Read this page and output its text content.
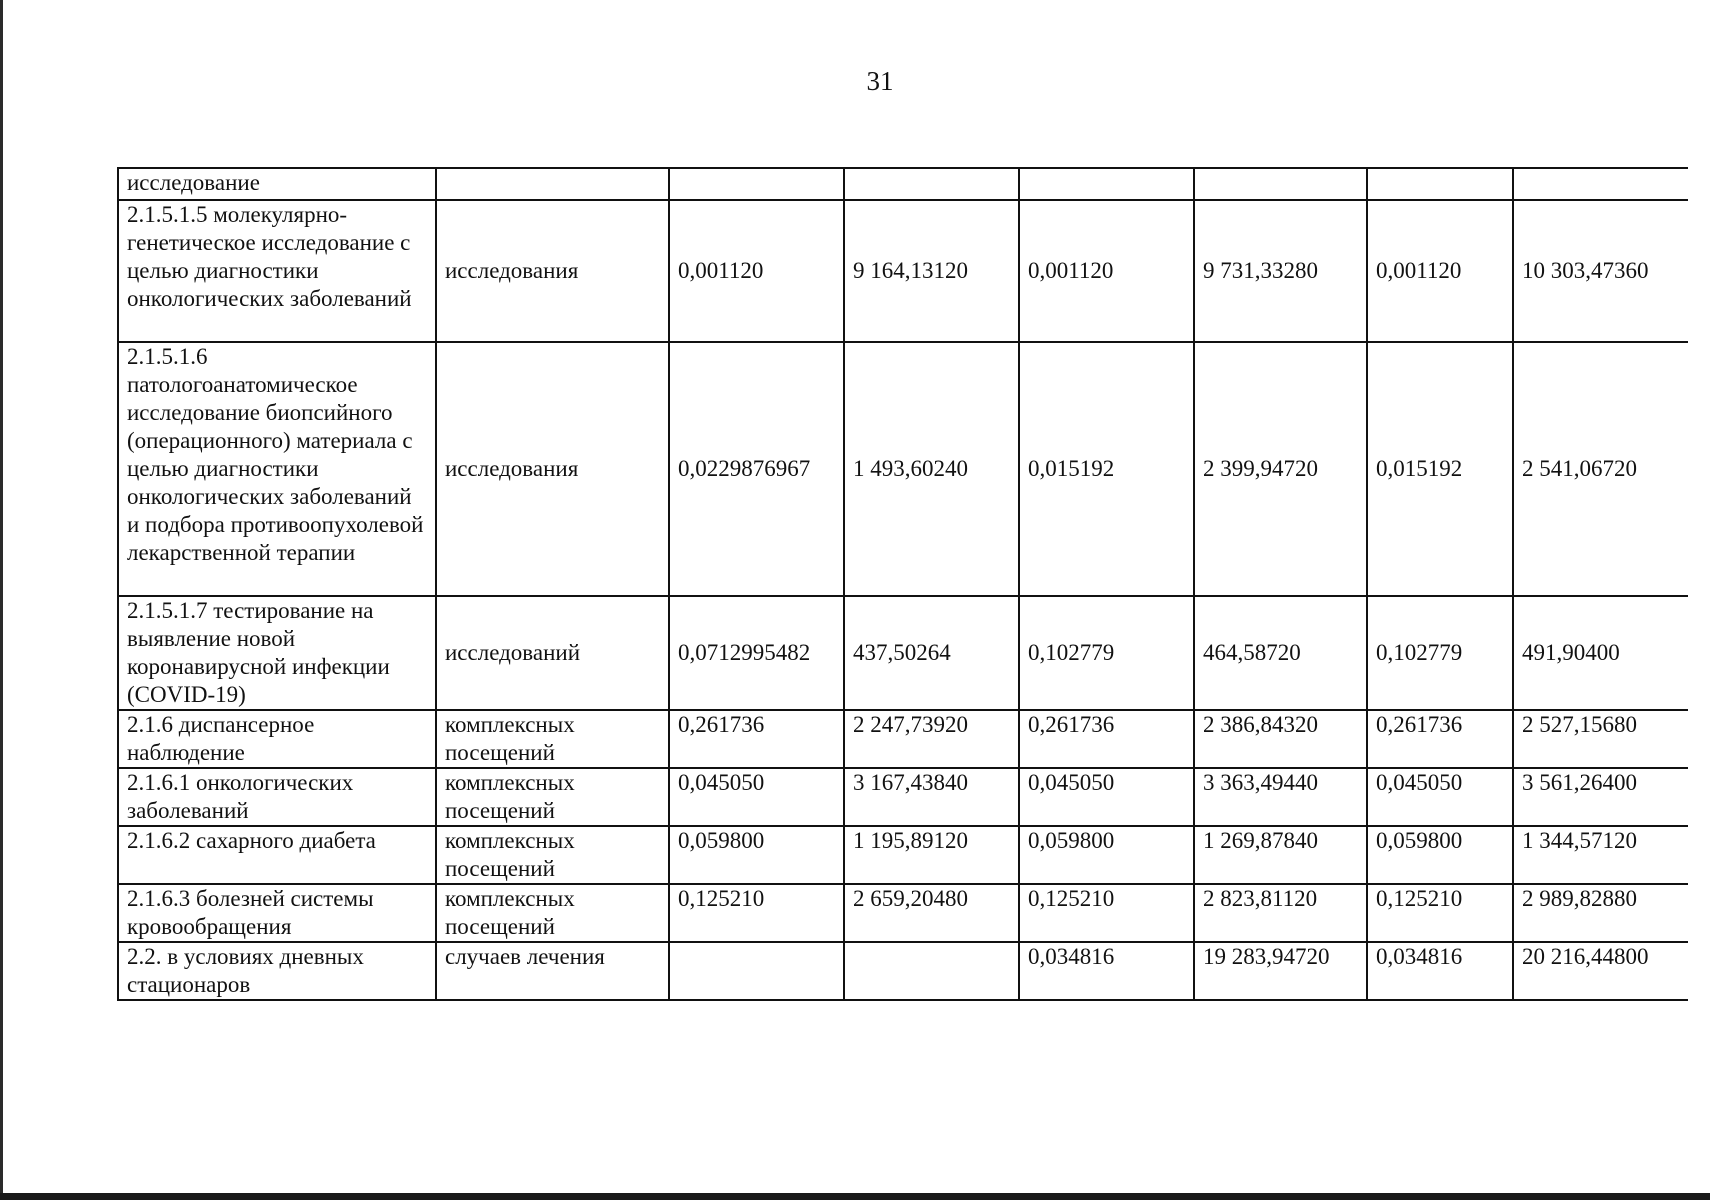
31
исследование							
2.1.5.1.5 молекулярно-генетическое исследование с целью диагностики онкологических заболеваний	исследования	0,001120	9 164,13120	0,001120	9 731,33280	0,001120	10 303,47360
2.1.5.1.6 патологоанатомическое исследование биопсийного (операционного) материала с целью диагностики онкологических заболеваний и подбора противоопухолевой лекарственной терапии	исследования	0,0229876967	1 493,60240	0,015192	2 399,94720	0,015192	2 541,06720
2.1.5.1.7 тестирование на выявление новой коронавирусной инфекции (COVID-19)	исследований	0,0712995482	437,50264	0,102779	464,58720	0,102779	491,90400
2.1.6 диспансерное наблюдение	комплексных посещений	0,261736	2 247,73920	0,261736	2 386,84320	0,261736	2 527,15680
2.1.6.1 онкологических заболеваний	комплексных посещений	0,045050	3 167,43840	0,045050	3 363,49440	0,045050	3 561,26400
2.1.6.2 сахарного диабета	комплексных посещений	0,059800	1 195,89120	0,059800	1 269,87840	0,059800	1 344,57120
2.1.6.3 болезней системы кровообращения	комплексных посещений	0,125210	2 659,20480	0,125210	2 823,81120	0,125210	2 989,82880
2.2. в условиях дневных стационаров	случаев лечения			0,034816	19 283,94720	0,034816	20 216,44800
